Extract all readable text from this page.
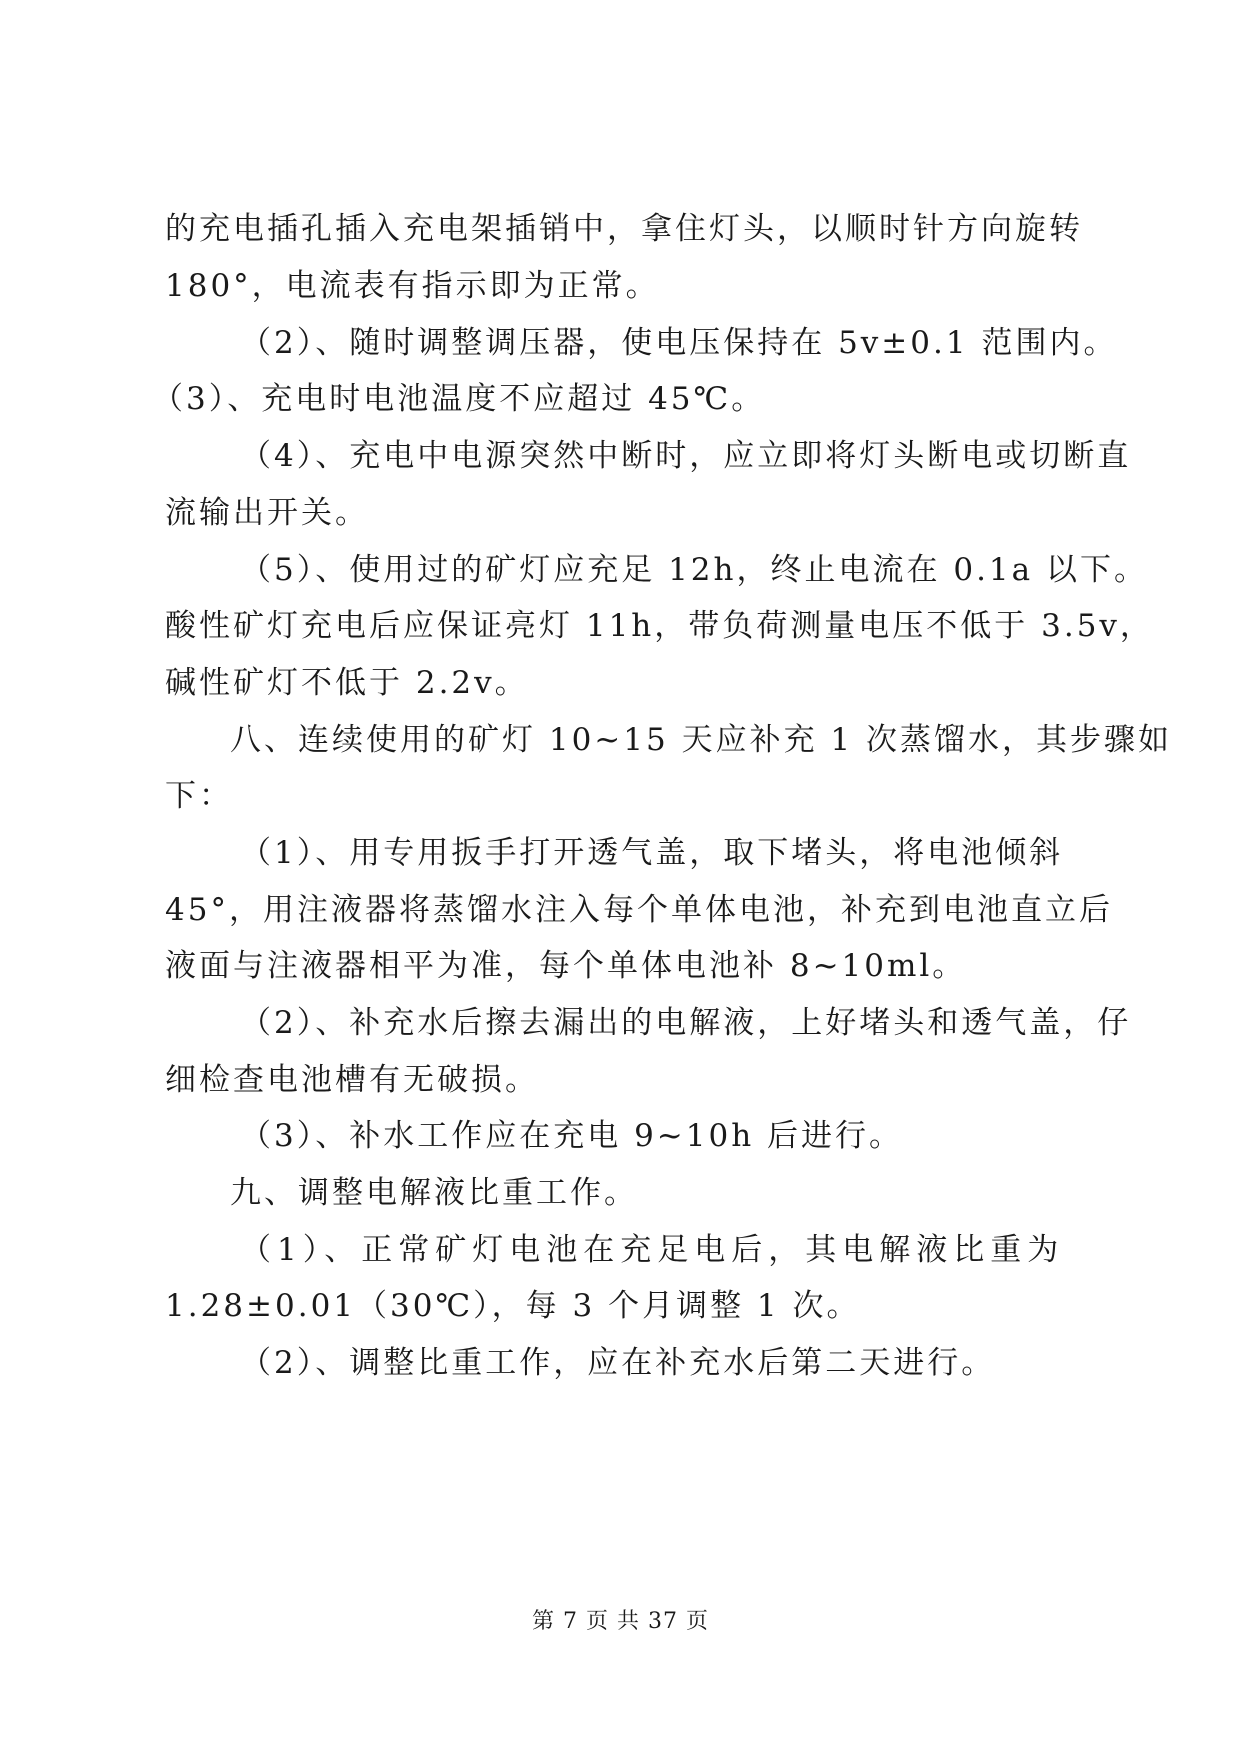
的充电插孔插入充电架插销中，拿住灯头，以顺时针方向旋转
180°，电流表有指示即为正常。
（2）、随时调整调压器，使电压保持在 5v±0.1 范围内。
（3）、充电时电池温度不应超过 45℃。
（4）、充电中电源突然中断时，应立即将灯头断电或切断直
流输出开关。
（5）、使用过的矿灯应充足 12h，终止电流在 0.1a 以下。
酸性矿灯充电后应保证亮灯 11h，带负荷测量电压不低于 3.5v，
碱性矿灯不低于 2.2v。
八、连续使用的矿灯 10~15 天应补充 1 次蒸馏水，其步骤如
下：
（1）、用专用扳手打开透气盖，取下堵头，将电池倾斜
45°，用注液器将蒸馏水注入每个单体电池，补充到电池直立后
液面与注液器相平为准，每个单体电池补 8~10ml。
（2）、补充水后擦去漏出的电解液，上好堵头和透气盖，仔
细检查电池槽有无破损。
（3）、补水工作应在充电 9~10h 后进行。
九、调整电解液比重工作。
（1）、正常矿灯电池在充足电后，其电解液比重为
1.28±0.01（30℃），每 3 个月调整 1 次。
（2）、调整比重工作，应在补充水后第二天进行。
第 7 页 共 37 页
